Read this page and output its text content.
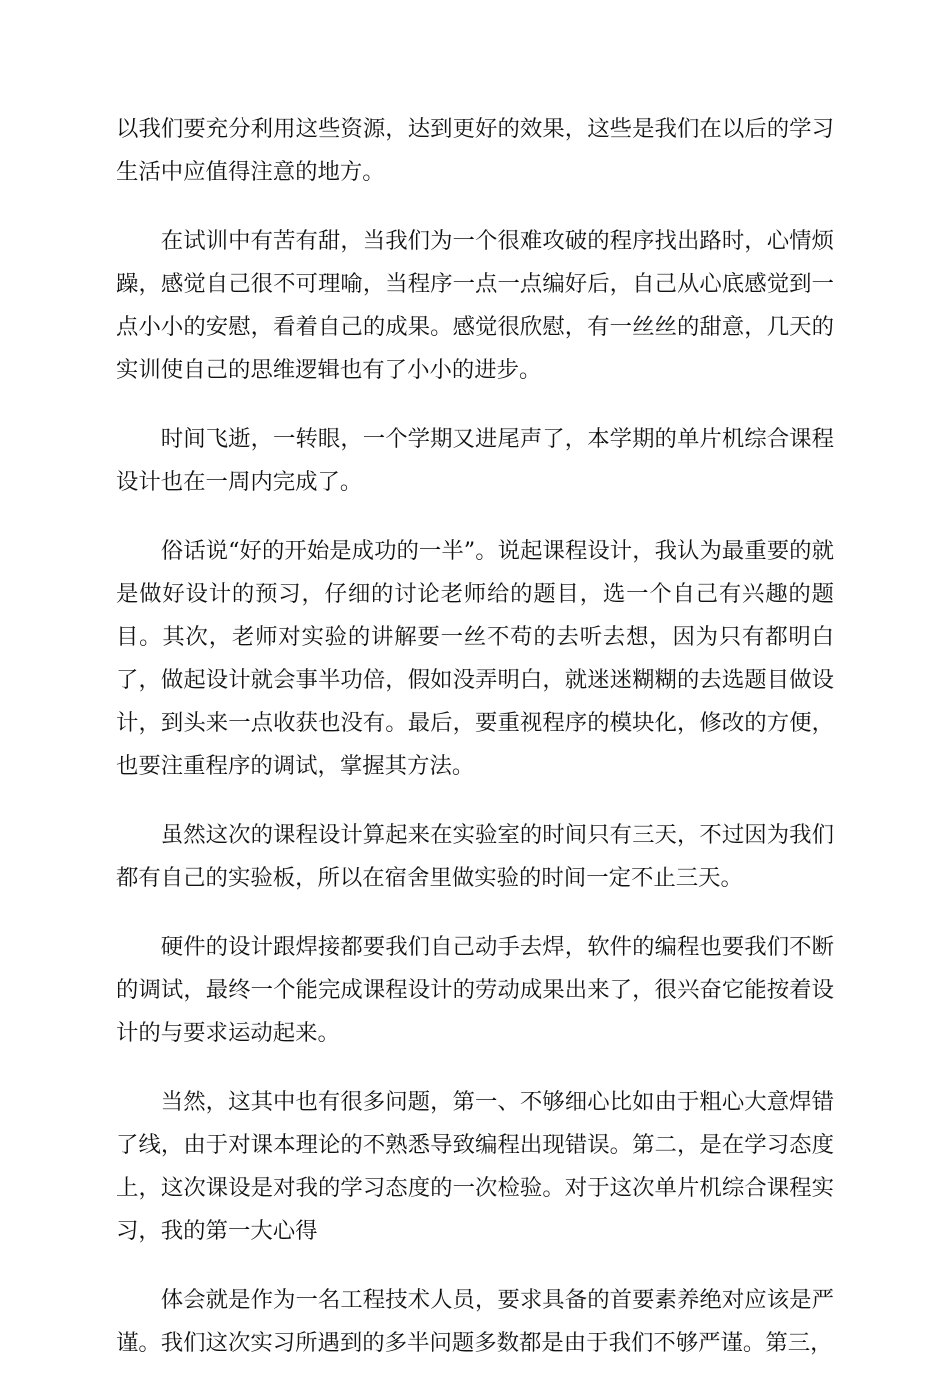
以我们要充分利用这些资源，达到更好的效果，这些是我们在以后的学习生活中应值得注意的地方。

在试训中有苦有甜，当我们为一个很难攻破的程序找出路时，心情烦躁，感觉自己很不可理喻，当程序一点一点编好后，自己从心底感觉到一点小小的安慰，看着自己的成果。感觉很欣慰，有一丝丝的甜意，几天的实训使自己的思维逻辑也有了小小的进步。

时间飞逝，一转眼，一个学期又进尾声了，本学期的单片机综合课程设计也在一周内完成了。

俗话说“好的开始是成功的一半”。说起课程设计，我认为最重要的就是做好设计的预习，仔细的讨论老师给的题目，选一个自己有兴趣的题目。其次，老师对实验的讲解要一丝不苟的去听去想，因为只有都明白了，做起设计就会事半功倍，假如没弄明白，就迷迷糊糊的去选题目做设计，到头来一点收获也没有。最后，要重视程序的模块化，修改的方便，也要注重程序的调试，掌握其方法。

虽然这次的课程设计算起来在实验室的时间只有三天，不过因为我们都有自己的实验板，所以在宿舍里做实验的时间一定不止三天。

硬件的设计跟焊接都要我们自己动手去焊，软件的编程也要我们不断的调试，最终一个能完成课程设计的劳动成果出来了，很兴奋它能按着设计的与要求运动起来。

当然，这其中也有很多问题，第一、不够细心比如由于粗心大意焊错了线，由于对课本理论的不熟悉导致编程出现错误。第二，是在学习态度上，这次课设是对我的学习态度的一次检验。对于这次单片机综合课程实习，我的第一大心得

体会就是作为一名工程技术人员，要求具备的首要素养绝对应该是严谨。我们这次实习所遇到的多半问题多数都是由于我们不够严谨。第三，
